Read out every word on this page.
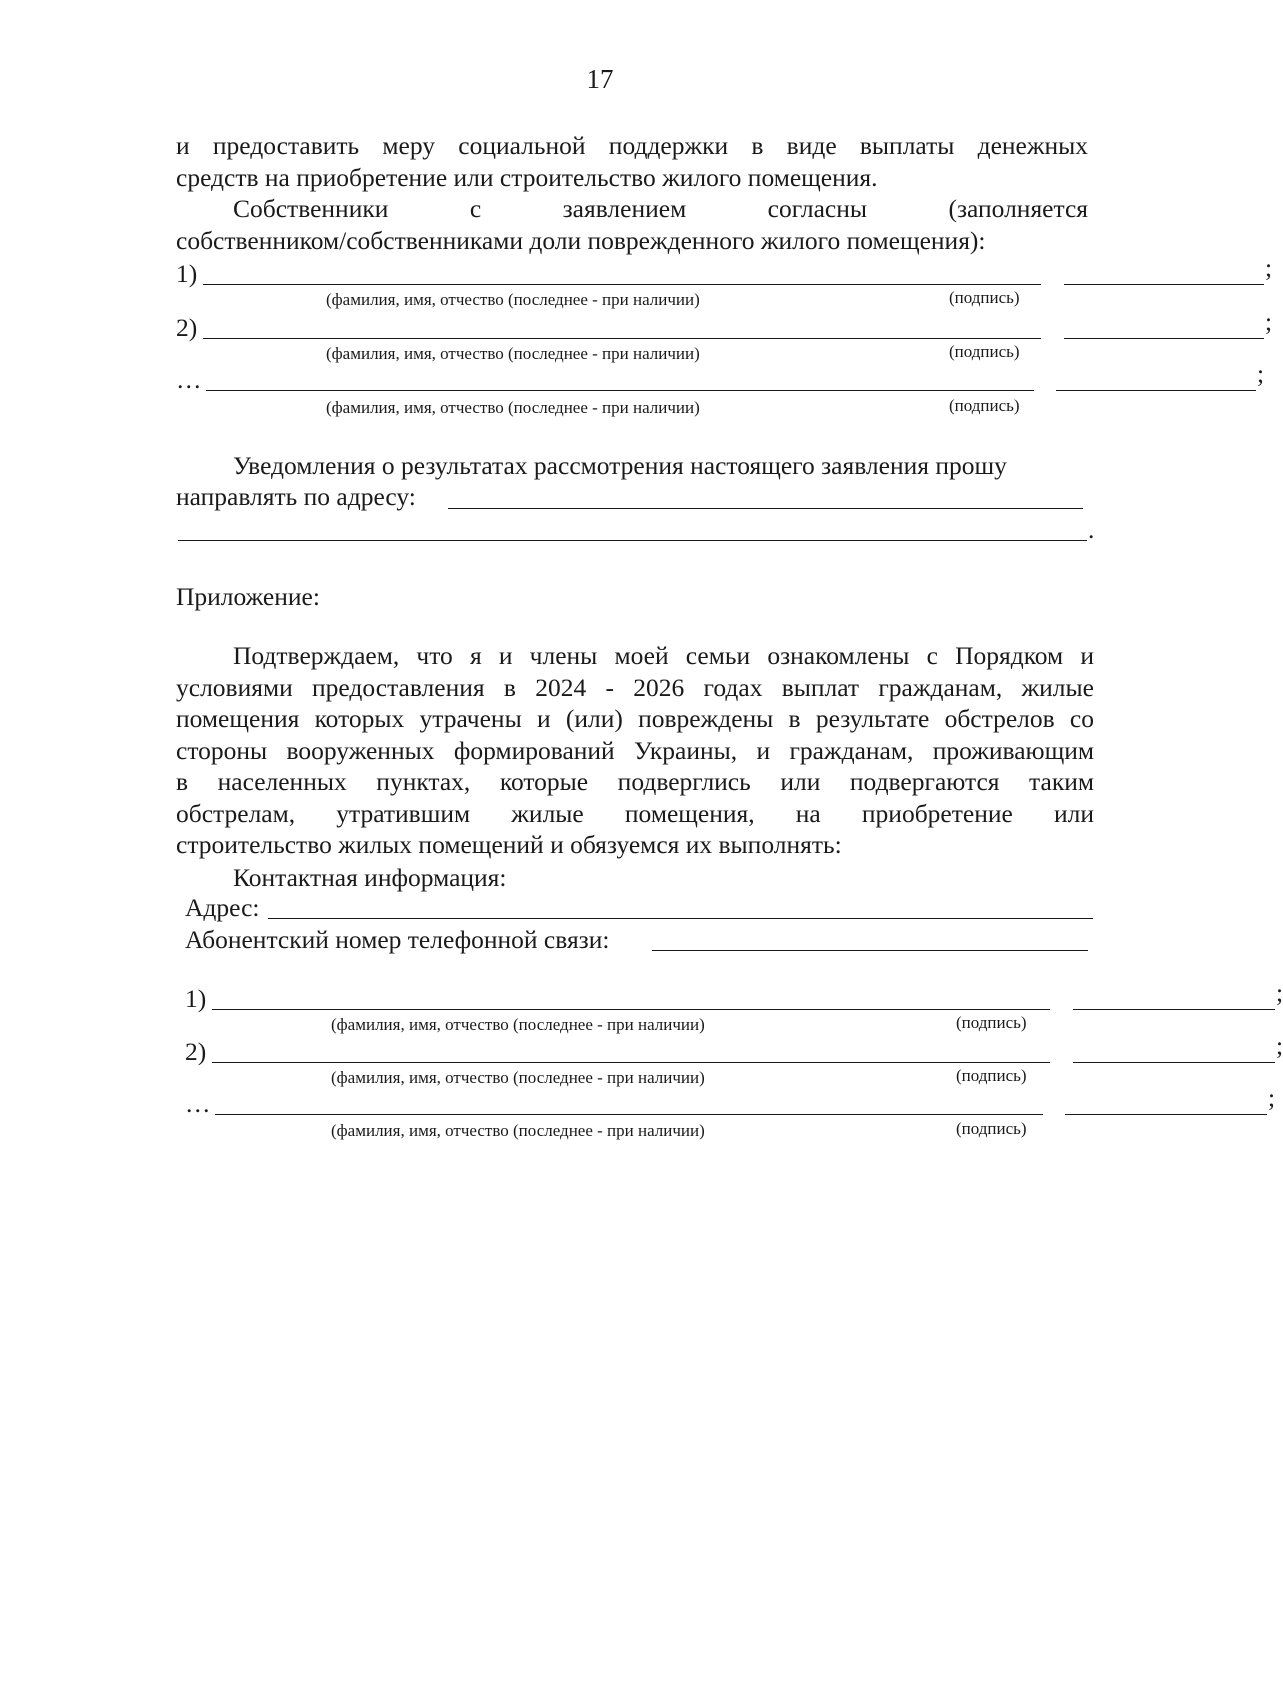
17
и предоставить меру социальной поддержки в виде выплаты денежных
средств на приобретение или строительство жилого помещения.
Собственники с заявлением согласны (заполняется
собственником/собственниками доли поврежденного жилого помещения):
1)	;
(фамилия, имя, отчество (последнее - при наличии)	(подпись)
2)	;
(фамилия, имя, отчество (последнее - при наличии)	(подпись)
…	;
(фамилия, имя, отчество (последнее - при наличии)	(подпись)
Уведомления о результатах рассмотрения настоящего заявления прошу
направлять по адресу:
.
Приложение:
Подтверждаем, что я и члены моей семьи ознакомлены с Порядком и
условиями предоставления в 2024 - 2026 годах выплат гражданам, жилые
помещения которых утрачены и (или) повреждены в результате обстрелов со
стороны вооруженных формирований Украины, и гражданам, проживающим
в населенных пунктах, которые подверглись или подвергаются таким
обстрелам, утратившим жилые помещения, на приобретение или
строительство жилых помещений и обязуемся их выполнять:
Контактная информация:
Адрес:
Абонентский номер телефонной связи:
1)	;
(фамилия, имя, отчество (последнее - при наличии)	(подпись)
2)	;
(фамилия, имя, отчество (последнее - при наличии)	(подпись)
…	;
(фамилия, имя, отчество (последнее - при наличии)	(подпись)
